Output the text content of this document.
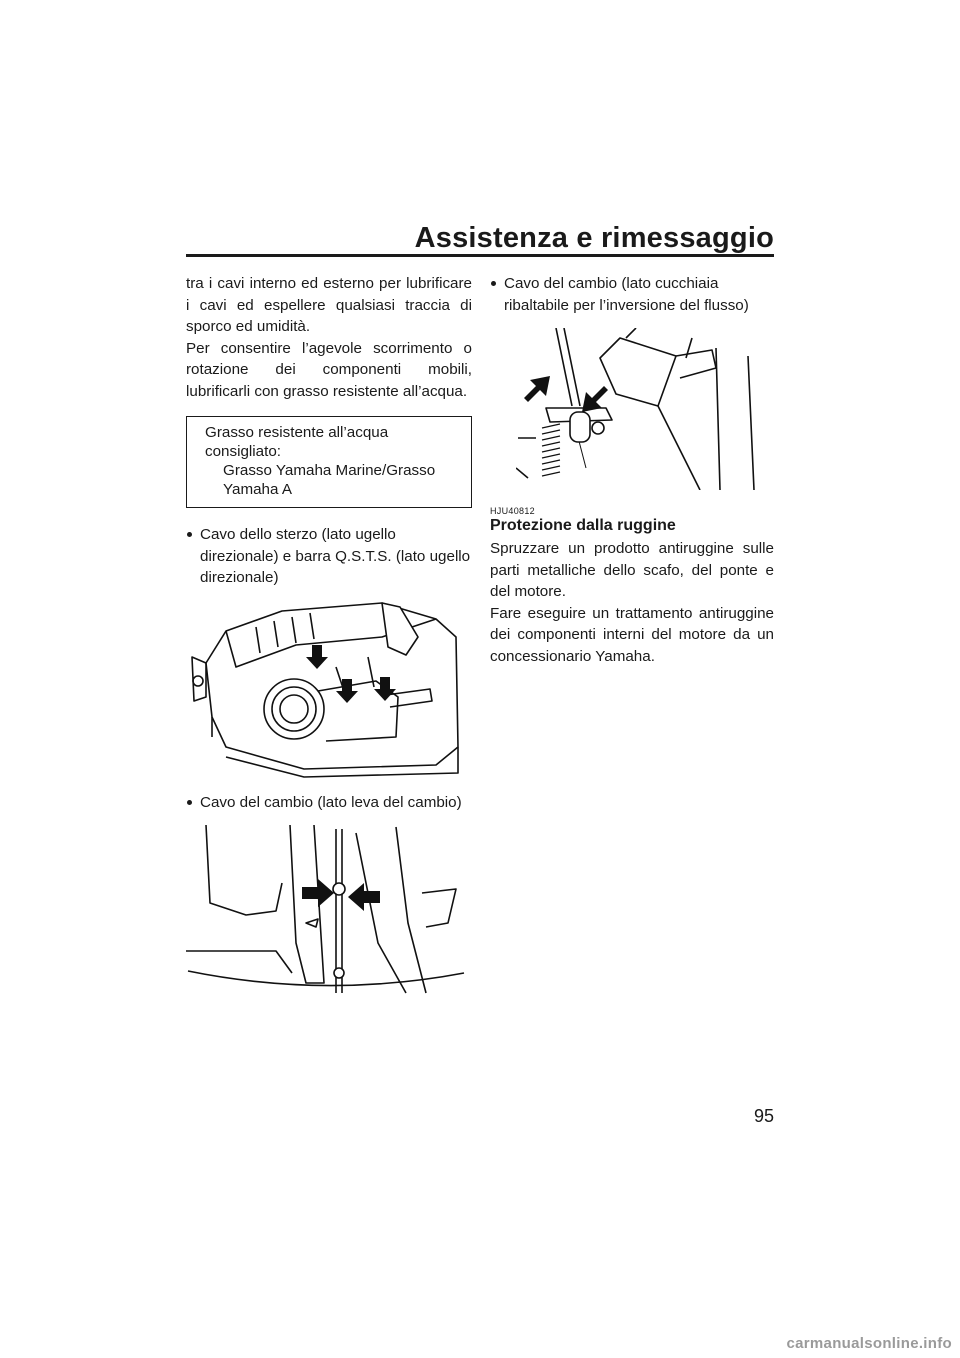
Assistenza e rimessaggio

tra i cavi interno ed esterno per lubrificare i cavi ed espellere qualsiasi traccia di sporco ed umidità.

Per consentire l’agevole scorrimento o rotazione dei componenti mobili, lubrificarli con grasso resistente all’acqua.

Grasso resistente all’acqua consigliato:
Grasso Yamaha Marine/Grasso
Yamaha A

Cavo dello sterzo (lato ugello direzionale) e barra Q.S.T.S. (lato ugello direzionale)

Cavo del cambio (lato leva del cambio)

Cavo del cambio (lato cucchiaia ribaltabile per l’inversione del flusso)

HJU40812
Protezione dalla ruggine

Spruzzare un prodotto antiruggine sulle parti metalliche dello scafo, del ponte e del motore.

Fare eseguire un trattamento antiruggine dei componenti interni del motore da un concessionario Yamaha.

95
carmanualsonline.info
